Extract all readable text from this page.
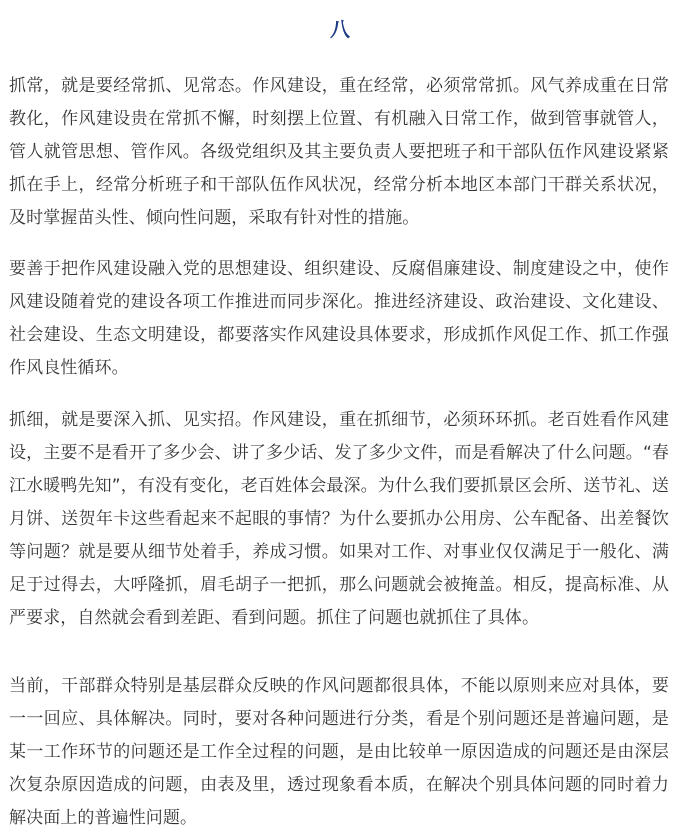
八

抓常，就是要经常抓、见常态。作风建设，重在经常，必须常常抓。风气养成重在日常教化，作风建设贵在常抓不懈，时刻摆上位置、有机融入日常工作，做到管事就管人，管人就管思想、管作风。各级党组织及其主要负责人要把班子和干部队伍作风建设紧紧抓在手上，经常分析班子和干部队伍作风状况，经常分析本地区本部门干群关系状况，及时掌握苗头性、倾向性问题，采取有针对性的措施。

要善于把作风建设融入党的思想建设、组织建设、反腐倡廉建设、制度建设之中，使作风建设随着党的建设各项工作推进而同步深化。推进经济建设、政治建设、文化建设、社会建设、生态文明建设，都要落实作风建设具体要求，形成抓作风促工作、抓工作强作风良性循环。

抓细，就是要深入抓、见实招。作风建设，重在抓细节，必须环环抓。老百姓看作风建设，主要不是看开了多少会、讲了多少话、发了多少文件，而是看解决了什么问题。“春江水暖鸭先知”，有没有变化，老百姓体会最深。为什么我们要抓景区会所、送节礼、送月饼、送贺年卡这些看起来不起眼的事情？为什么要抓办公用房、公车配备、出差餐饮等问题？就是要从细节处着手，养成习惯。如果对工作、对事业仅仅满足于一般化、满足于过得去，大呼隆抓，眉毛胡子一把抓，那么问题就会被掩盖。相反，提高标准、从严要求，自然就会看到差距、看到问题。抓住了问题也就抓住了具体。

当前，干部群众特别是基层群众反映的作风问题都很具体，不能以原则来应对具体，要一一回应、具体解决。同时，要对各种问题进行分类，看是个别问题还是普遍问题，是某一工作环节的问题还是工作全过程的问题，是由比较单一原因造成的问题还是由深层次复杂原因造成的问题，由表及里，透过现象看本质，在解决个别具体问题的同时着力解决面上的普遍性问题。
